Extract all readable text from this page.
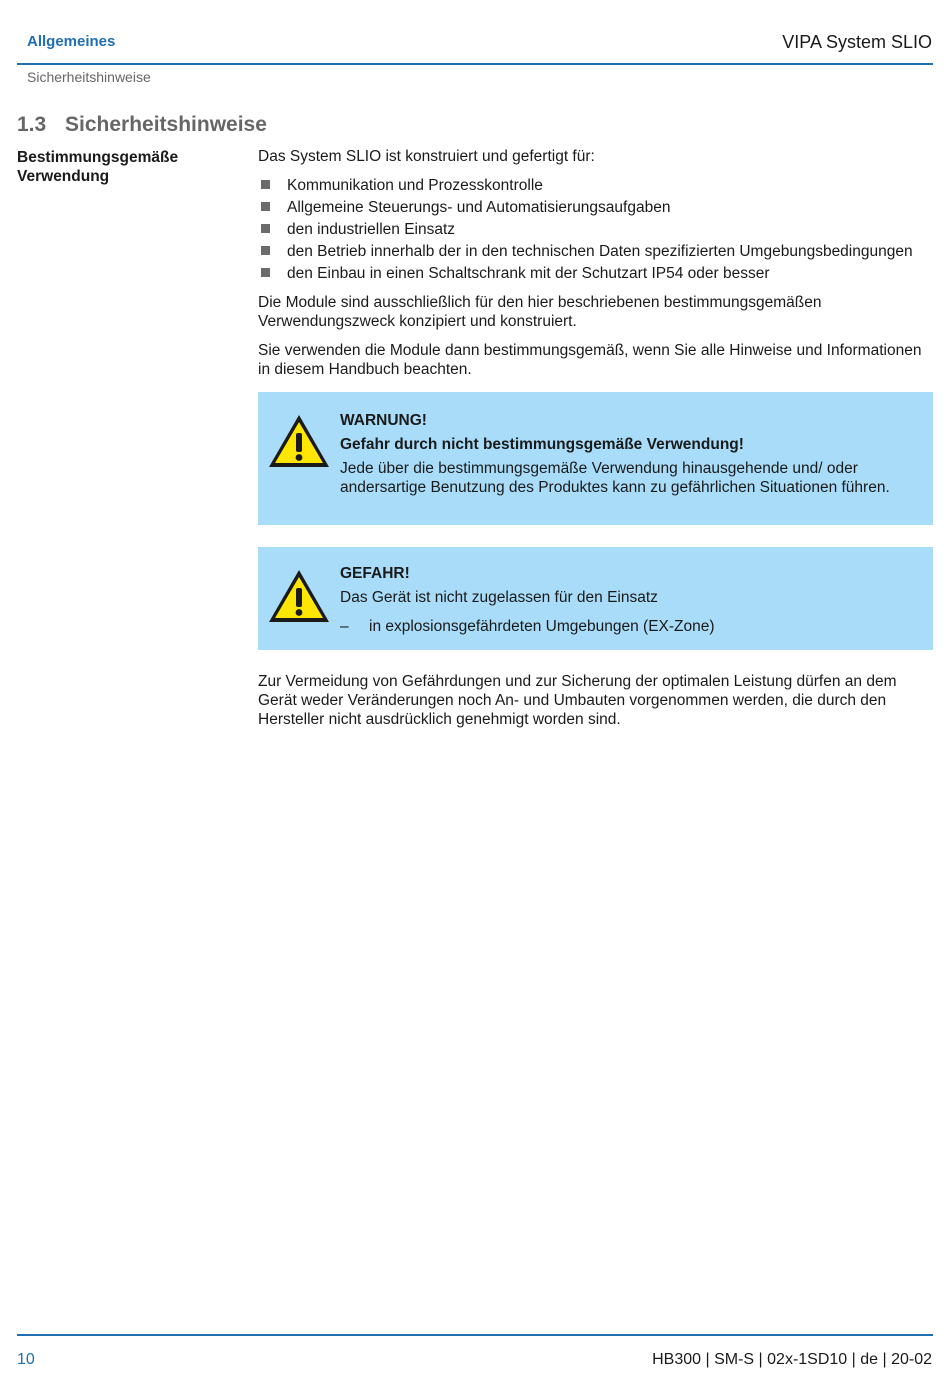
Allgemeines	VIPA System SLIO
Sicherheitshinweise
1.3 Sicherheitshinweise
Bestimmungsgemäße Verwendung

Das System SLIO ist konstruiert und gefertigt für:

Kommunikation und Prozesskontrolle
Allgemeine Steuerungs- und Automatisierungsaufgaben
den industriellen Einsatz
den Betrieb innerhalb der in den technischen Daten spezifizierten Umgebungsbedingungen
den Einbau in einen Schaltschrank mit der Schutzart IP54 oder besser

Die Module sind ausschließlich für den hier beschriebenen bestimmungsgemäßen Verwendungszweck konzipiert und konstruiert.

Sie verwenden die Module dann bestimmungsgemäß, wenn Sie alle Hinweise und Informationen in diesem Handbuch beachten.

WARNUNG!
Gefahr durch nicht bestimmungsgemäße Verwendung!
Jede über die bestimmungsgemäße Verwendung hinausgehende und/ oder andersartige Benutzung des Produktes kann zu gefährlichen Situationen führen.
GEFAHR!
Das Gerät ist nicht zugelassen für den Einsatz
– in explosionsgefährdeten Umgebungen (EX-Zone)

Zur Vermeidung von Gefährdungen und zur Sicherung der optimalen Leistung dürfen an dem Gerät weder Veränderungen noch An- und Umbauten vorgenommen werden, die durch den Hersteller nicht ausdrücklich genehmigt worden sind.

10	HB300 | SM-S | 02x-1SD10 | de | 20-02
